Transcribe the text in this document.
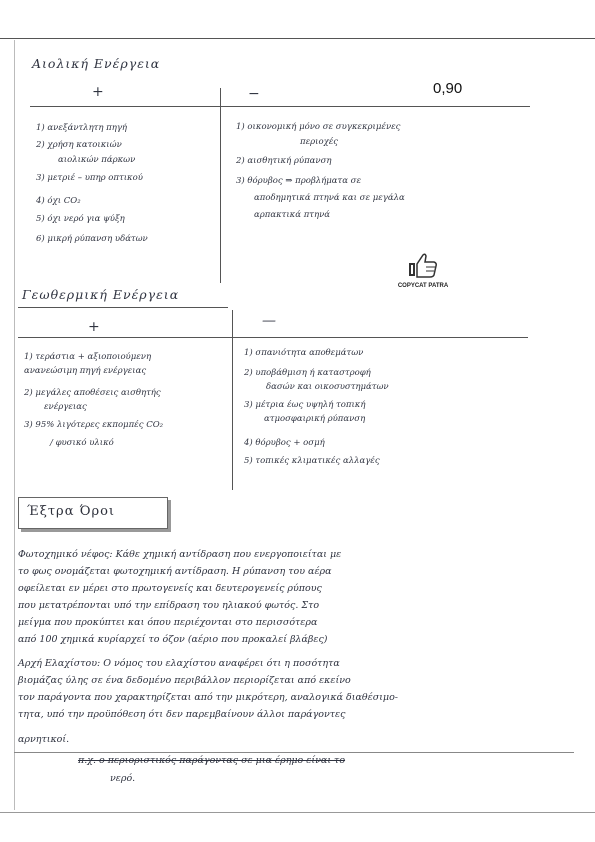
0,90
Αιολική Ενέργεια
+	−
1) ανεξάντλητη πηγή
2) χρήση κατοικιών
αιολικών πάρκων
3) μετριέ – υπηρ οπτικού
4) όχι CO₂
5) όχι νερό για ψύξη
6) μικρή ρύπανση υδάτων
1) οικονομική μόνο σε συγκεκριμένες
περιοχές
2) αισθητική ρύπανση
3) θόρυβος ⇒ προβλήματα σε
αποδημητικά πτηνά και σε μεγάλα
αρπακτικά πτηνά
COPYCAT PATRA
Γεωθερμική Ενέργεια
+	—
1) τεράστια + αξιοποιούμενη
ανανεώσιμη πηγή ενέργειας
2) μεγάλες αποθέσεις αισθητής
ενέργειας
3) 95% λιγότερες εκπομπές CO₂
/ φυσικό υλικό
1) σπανιότητα αποθεμάτων
2) υποβάθμιση ή καταστροφή
δασών και οικοσυστημάτων
3) μέτρια έως υψηλή τοπική
ατμοσφαιρική ρύπανση
4) θόρυβος + οσμή
5) τοπικές κλιματικές αλλαγές
Έξτρα Όροι
Φωτοχημικό νέφος: Κάθε χημική αντίδραση που ενεργοποιείται με
το φως ονομάζεται φωτοχημική αντίδραση. Η ρύπανση του αέρα
οφείλεται εν μέρει στο πρωτογενείς και δευτερογενείς ρύπους
που μετατρέπονται υπό την επίδραση του ηλιακού φωτός. Στο
μείγμα που προκύπτει και όπου περιέχονται στο περισσότερα
από 100 χημικά κυρίαρχεί το όζον (αέριο που προκαλεί βλάβες)
Αρχή Ελαχίστου: Ο νόμος του ελαχίστου αναφέρει ότι η ποσότητα
βιομάζας ύλης σε ένα δεδομένο περιβάλλον περιορίζεται από εκείνο
τον παράγοντα που χαρακτηρίζεται από την μικρότερη, αναλογικά διαθέσιμο-
τητα, υπό την προϋπόθεση ότι δεν παρεμβαίνουν άλλοι παράγοντες
αρνητικοί.
π.χ. ο περιοριστικός παράγοντας σε μια έρημο είναι το
νερό.
